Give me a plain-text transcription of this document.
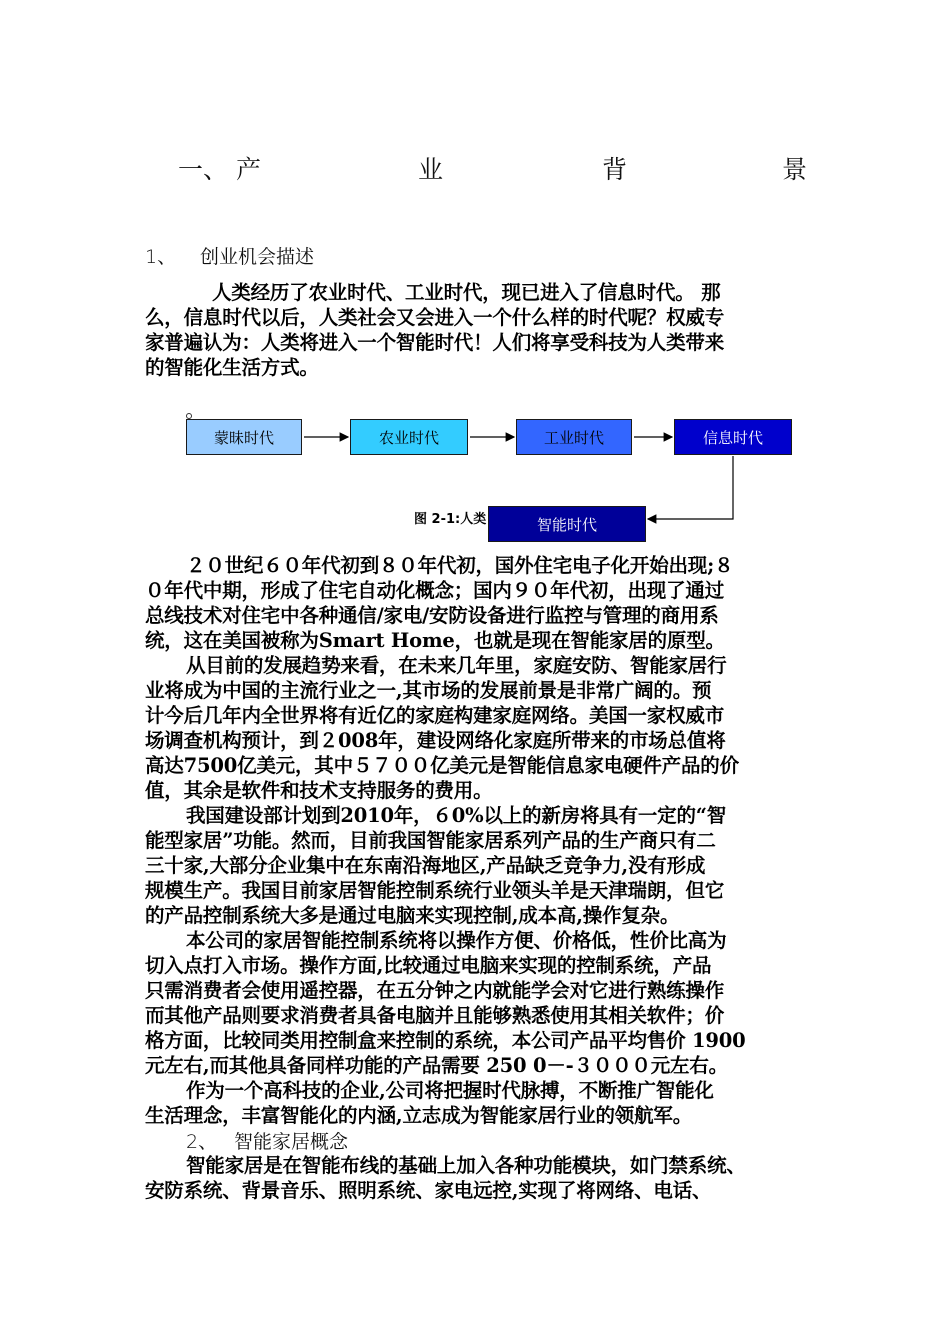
一、 产	业	背	景
1、 创业机会描述
人类经历了农业时代、工业时代，现已进入了信息时代。 那
么，信息时代以后，人类社会又会进入一个什么样的时代呢？权威专
家普遍认为：人类将进入一个智能时代！人们将享受科技为人类带来
的智能化生活方式。
蒙昧时代	农业时代	工业时代	信息时代
图 2-1:人类	智能时代
２０世纪６０年代初到８０年代初，国外住宅电子化开始出现;８
０年代中期，形成了住宅自动化概念；国内９０年代初，出现了通过
总线技术对住宅中各种通信/家电/安防设备进行监控与管理的商用系
统，这在美国被称为Smart Home，也就是现在智能家居的原型。
从目前的发展趋势来看，在未来几年里，家庭安防、智能家居行
业将成为中国的主流行业之一,其市场的发展前景是非常广阔的。预
计今后几年内全世界将有近亿的家庭构建家庭网络。美国一家权威市
场调查机构预计，到２008年，建设网络化家庭所带来的市场总值将
高达7500亿美元，其中５７００亿美元是智能信息家电硬件产品的价
值，其余是软件和技术支持服务的费用。
我国建设部计划到2010年，６0%以上的新房将具有一定的“智
能型家居”功能。然而，目前我国智能家居系列产品的生产商只有二
三十家,大部分企业集中在东南沿海地区,产品缺乏竞争力,没有形成
规模生产。我国目前家居智能控制系统行业领头羊是天津瑞朗，但它
的产品控制系统大多是通过电脑来实现控制,成本高,操作复杂。
本公司的家居智能控制系统将以操作方便、价格低，性价比高为
切入点打入市场。操作方面,比较通过电脑来实现的控制系统，产品
只需消费者会使用遥控器，在五分钟之内就能学会对它进行熟练操作
而其他产品则要求消费者具备电脑并且能够熟悉使用其相关软件；价
格方面，比较同类用控制盒来控制的系统，本公司产品平均售价 1900
元左右,而其他具备同样功能的产品需要 250 0－-３０００元左右。
作为一个高科技的企业,公司将把握时代脉搏，不断推广智能化
生活理念，丰富智能化的内涵,立志成为智能家居行业的领航军。
2、 智能家居概念
智能家居是在智能布线的基础上加入各种功能模块，如门禁系统、
安防系统、背景音乐、照明系统、家电远控,实现了将网络、电话、
